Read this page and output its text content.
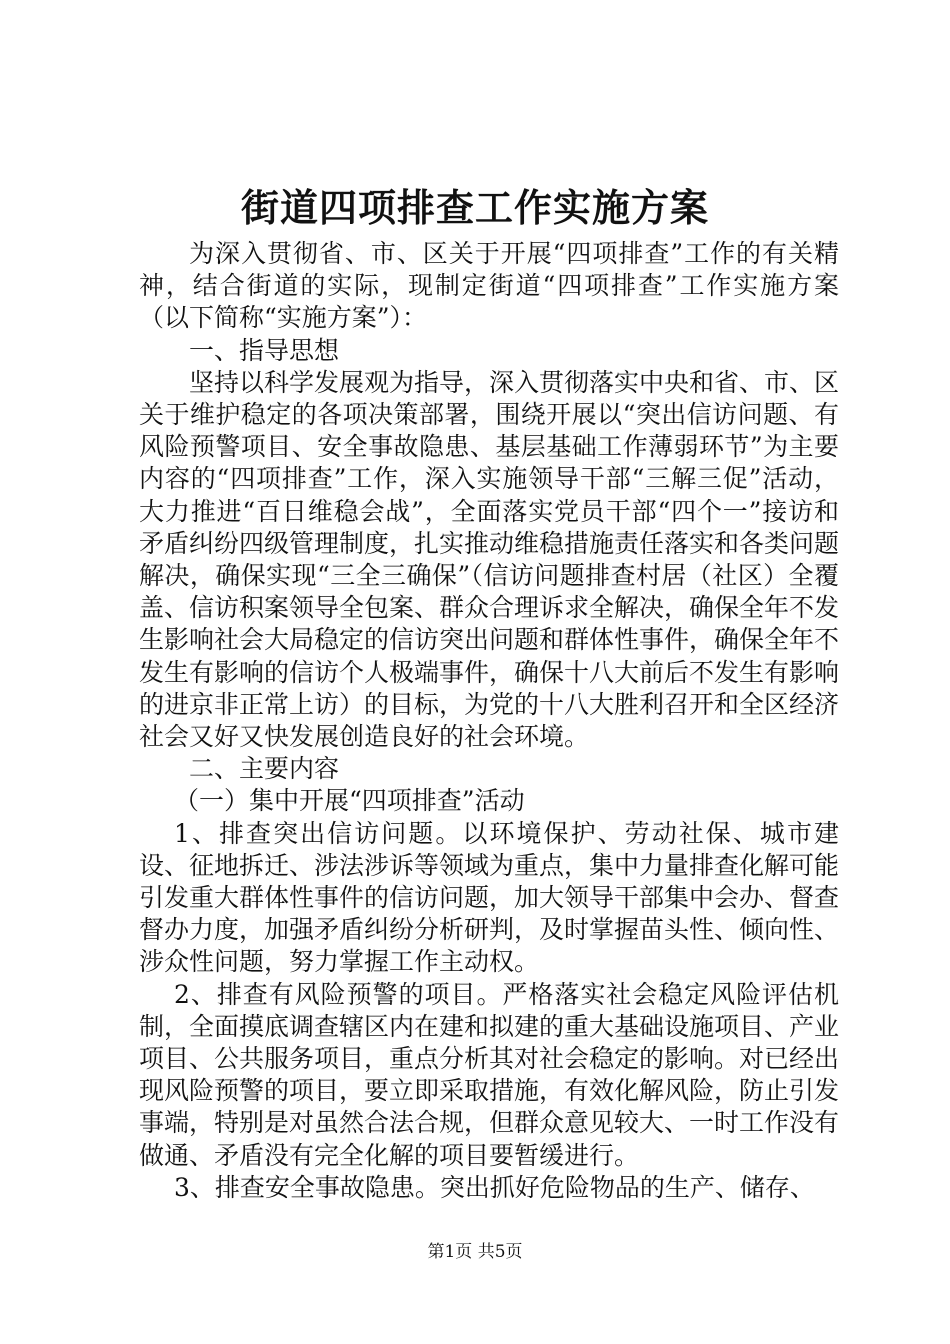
街道四项排查工作实施方案

为深入贯彻省、市、区关于开展“四项排查”工作的有关精神，结合街道的实际，现制定街道“四项排查”工作实施方案（以下简称“实施方案”）：

一、指导思想

坚持以科学发展观为指导，深入贯彻落实中央和省、市、区关于维护稳定的各项决策部署，围绕开展以“突出信访问题、有风险预警项目、安全事故隐患、基层基础工作薄弱环节”为主要内容的“四项排查”工作，深入实施领导干部“三解三促”活动，大力推进“百日维稳会战”，全面落实党员干部“四个一”接访和矛盾纠纷四级管理制度，扎实推动维稳措施责任落实和各类问题解决，确保实现“三全三确保”（信访问题排查村居（社区）全覆盖、信访积案领导全包案、群众合理诉求全解决，确保全年不发生影响社会大局稳定的信访突出问题和群体性事件，确保全年不发生有影响的信访个人极端事件，确保十八大前后不发生有影响的进京非正常上访）的目标，为党的十八大胜利召开和全区经济社会又好又快发展创造良好的社会环境。

二、主要内容

（一）集中开展“四项排查”活动

1、排查突出信访问题。以环境保护、劳动社保、城市建设、征地拆迁、涉法涉诉等领域为重点，集中力量排查化解可能引发重大群体性事件的信访问题，加大领导干部集中会办、督查督办力度，加强矛盾纠纷分析研判，及时掌握苗头性、倾向性、涉众性问题，努力掌握工作主动权。

2、排查有风险预警的项目。严格落实社会稳定风险评估机制，全面摸底调查辖区内在建和拟建的重大基础设施项目、产业项目、公共服务项目，重点分析其对社会稳定的影响。对已经出现风险预警的项目，要立即采取措施，有效化解风险，防止引发事端，特别是对虽然合法合规，但群众意见较大、一时工作没有做通、矛盾没有完全化解的项目要暂缓进行。

3、排查安全事故隐患。突出抓好危险物品的生产、储存、

第1页 共5页
